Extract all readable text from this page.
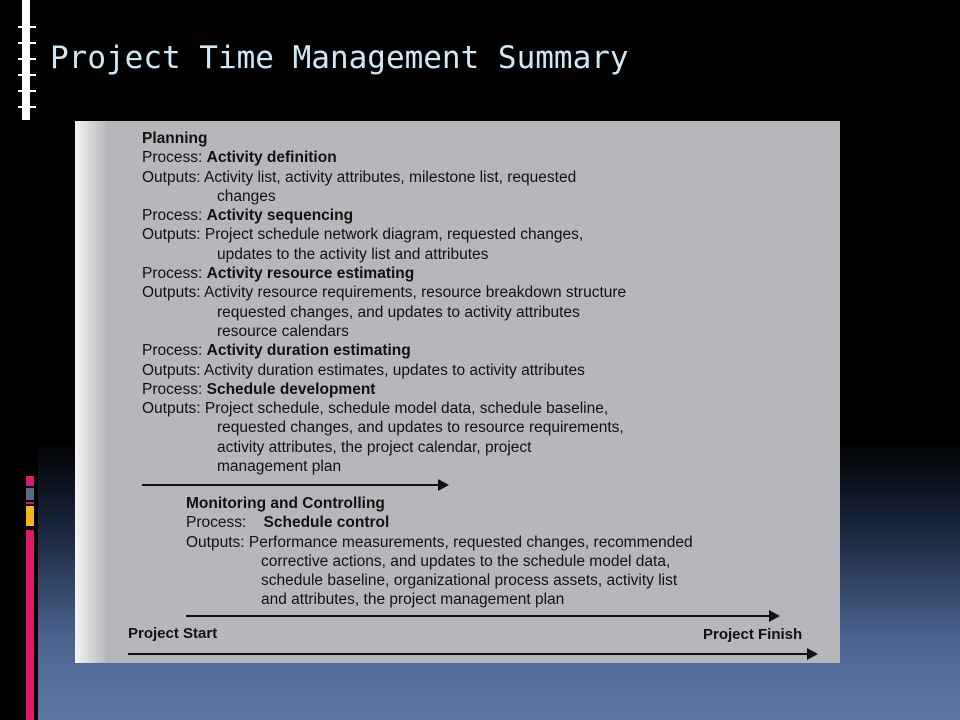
Project Time Management Summary
Planning
Process: Activity definition
Outputs: Activity list, activity attributes, milestone list, requested
changes
Process: Activity sequencing
Outputs: Project schedule network diagram, requested changes,
updates to the activity list and attributes
Process: Activity resource estimating
Outputs: Activity resource requirements, resource breakdown structure
requested changes, and updates to activity attributes
resource calendars
Process: Activity duration estimating
Outputs: Activity duration estimates, updates to activity attributes
Process: Schedule development
Outputs: Project schedule, schedule model data, schedule baseline,
requested changes, and updates to resource requirements,
activity attributes, the project calendar, project
management plan
Monitoring and Controlling
Process: Schedule control
Outputs: Performance measurements, requested changes, recommended
corrective actions, and updates to the schedule model data,
schedule baseline, organizational process assets, activity list
and attributes, the project management plan
Project Start	Project Finish
